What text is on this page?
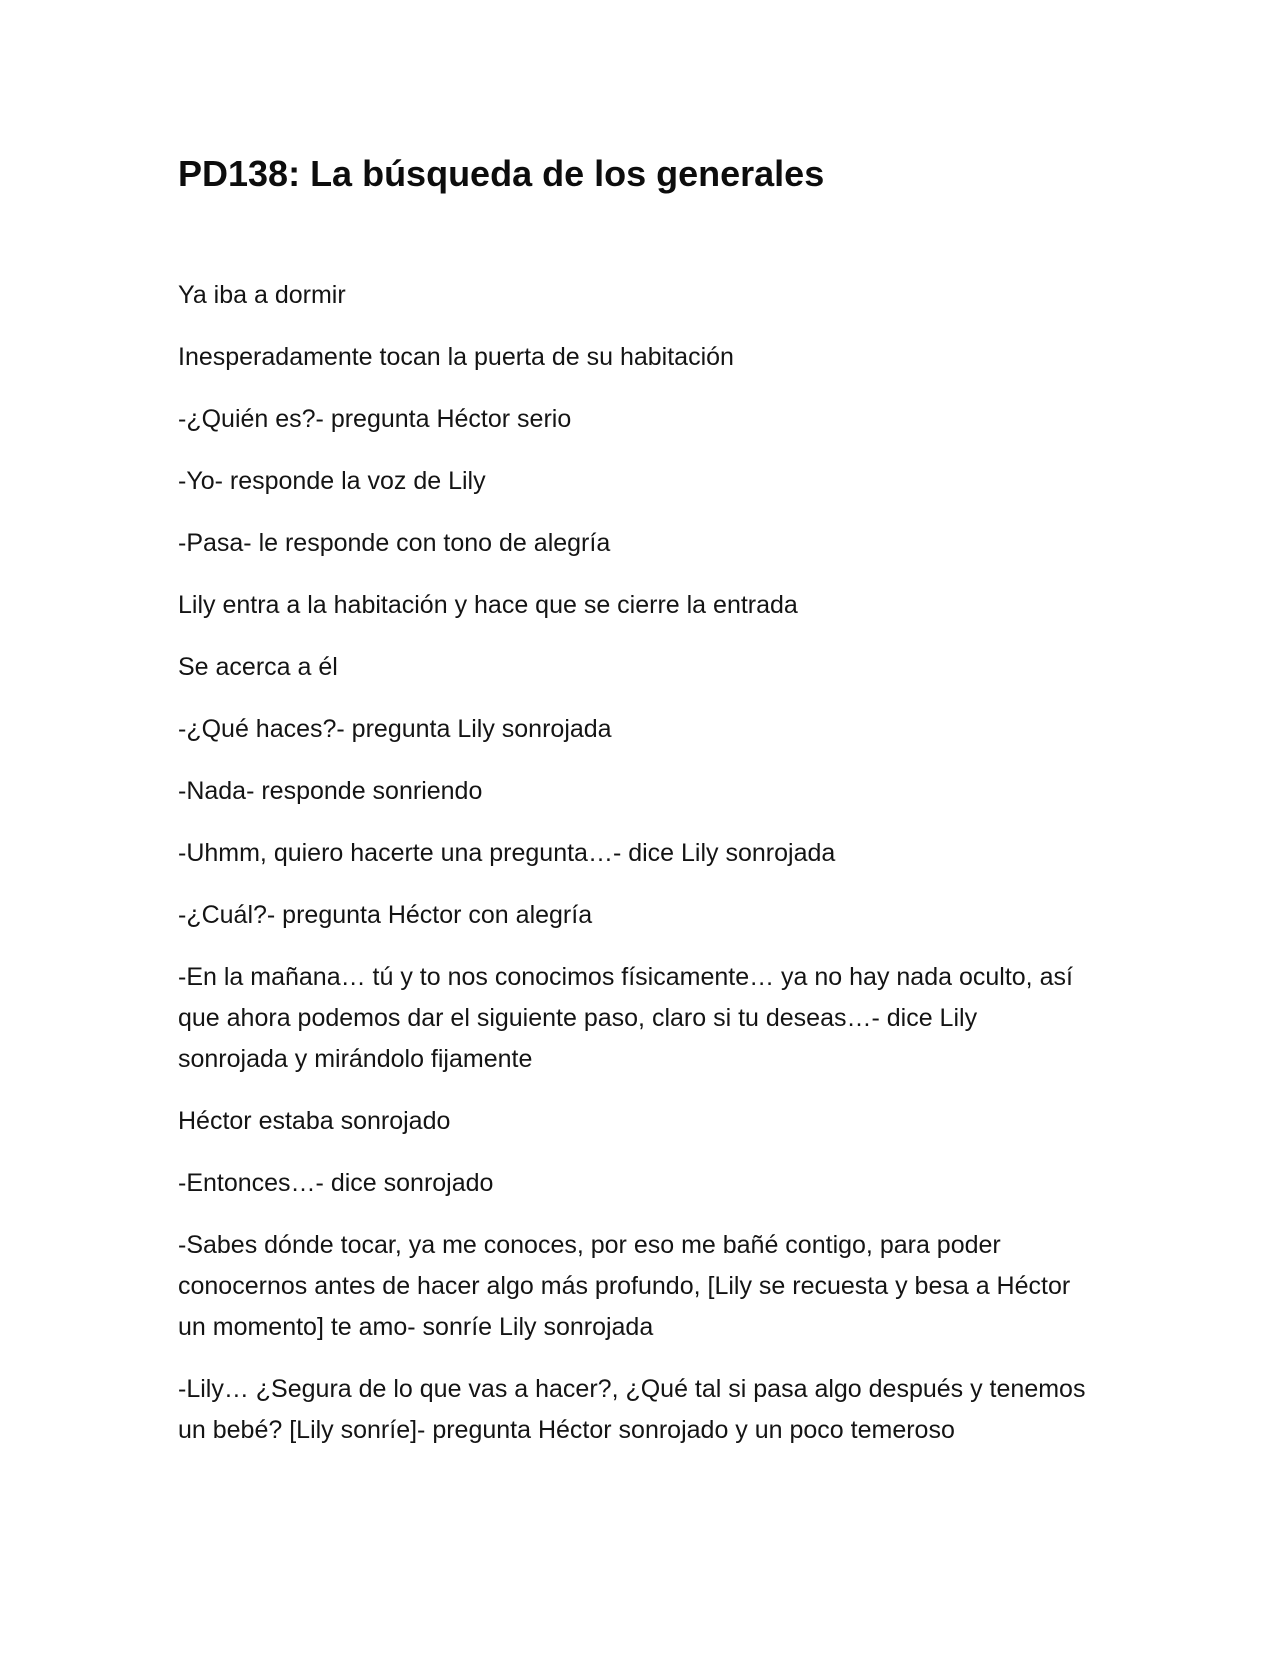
PD138: La búsqueda de los generales

Ya iba a dormir

Inesperadamente tocan la puerta de su habitación

-¿Quién es?- pregunta Héctor serio

-Yo- responde la voz de Lily

-Pasa- le responde con tono de alegría

Lily entra a la habitación y hace que se cierre la entrada

Se acerca a él

-¿Qué haces?- pregunta Lily sonrojada

-Nada- responde sonriendo

-Uhmm, quiero hacerte una pregunta…- dice Lily sonrojada

-¿Cuál?- pregunta Héctor con alegría

-En la mañana… tú y to nos conocimos físicamente… ya no hay nada oculto, así que ahora podemos dar el siguiente paso, claro si tu deseas…- dice Lily sonrojada y mirándolo fijamente

Héctor estaba sonrojado

-Entonces…- dice sonrojado

-Sabes dónde tocar, ya me conoces, por eso me bañé contigo, para poder conocernos antes de hacer algo más profundo, [Lily se recuesta y besa a Héctor un momento] te amo- sonríe Lily sonrojada

-Lily… ¿Segura de lo que vas a hacer?, ¿Qué tal si pasa algo después y tenemos un bebé? [Lily sonríe]- pregunta Héctor sonrojado y un poco temeroso
